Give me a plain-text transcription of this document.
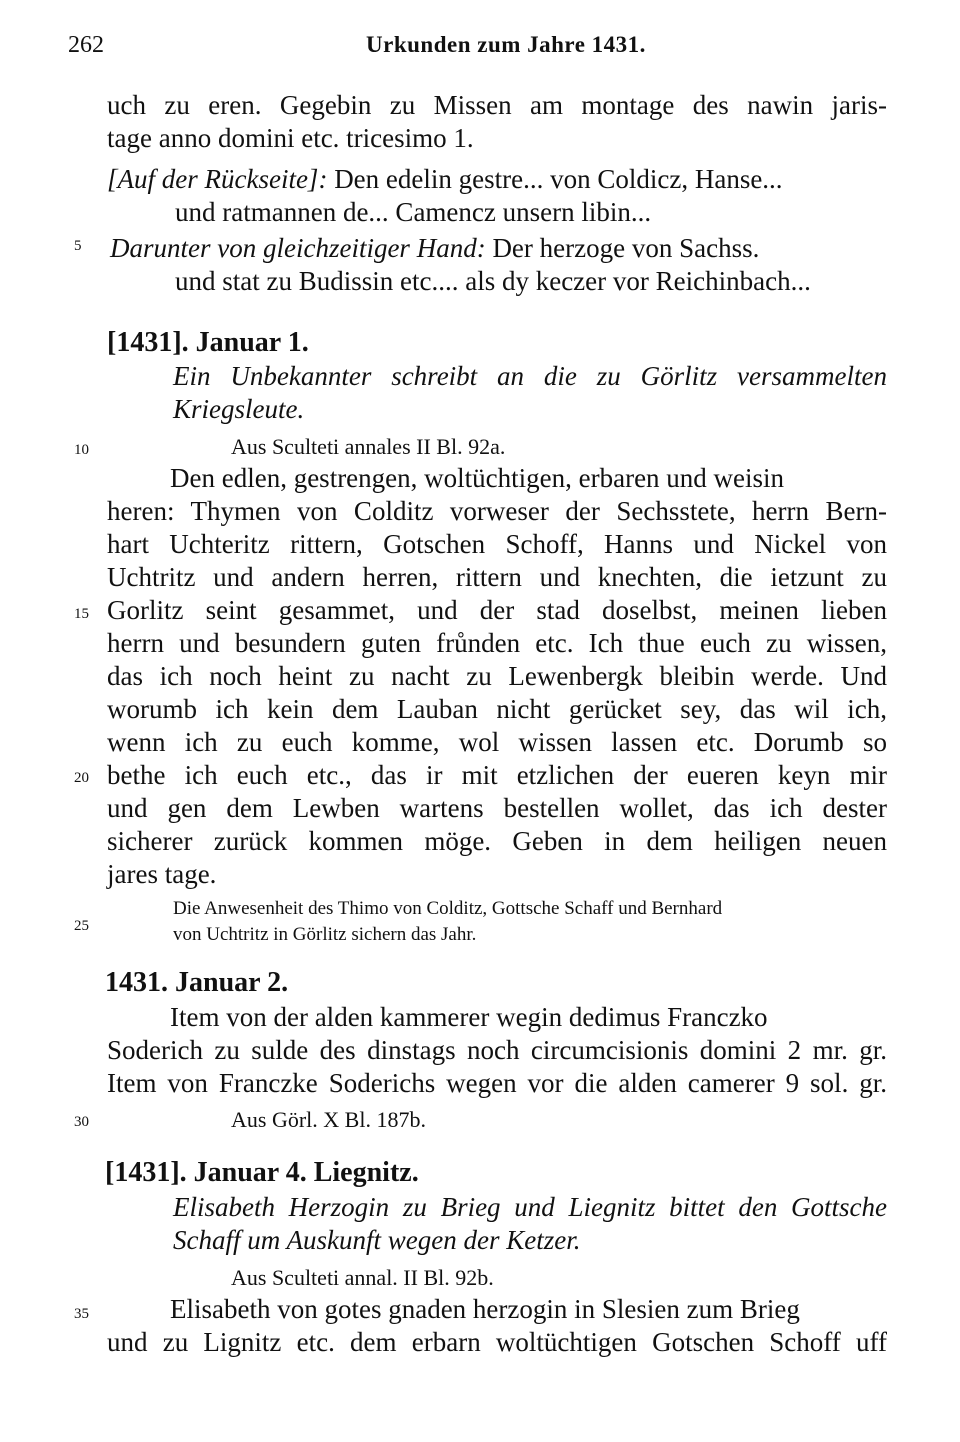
262	Urkunden zum Jahre 1431.
5
10
15
20
25
30
35
uch zu eren. Gegebin zu Missen am montage des nawin jaris-
tage anno domini etc. tricesimo 1.
[Auf der Rückseite]: Den edelin gestre... von Coldicz, Hanse...
und ratmannen de... Camencz unsern libin...
Darunter von gleichzeitiger Hand: Der herzoge von Sachss.
und stat zu Budissin etc.... als dy keczer vor Reichinbach...
[1431]. Januar 1.
Ein Unbekannter schreibt an die zu Görlitz versammelten
Kriegsleute.
Aus Sculteti annales II Bl. 92a.
Den edlen, gestrengen, woltüchtigen, erbaren und weisin
heren: Thymen von Colditz vorweser der Sechsstete, herrn Bern-
hart Uchteritz rittern, Gotschen Schoff, Hanns und Nickel von
Uchtritz und andern herren, rittern und knechten, die ietzunt zu
Gorlitz seint gesammet, und der stad doselbst, meinen lieben
herrn und besundern guten frůnden etc. Ich thue euch zu wissen,
das ich noch heint zu nacht zu Lewenbergk bleibin werde. Und
worumb ich kein dem Lauban nicht gerücket sey, das wil ich,
wenn ich zu euch komme, wol wissen lassen etc. Dorumb so
bethe ich euch etc., das ir mit etzlichen der eueren keyn mir
und gen dem Lewben wartens bestellen wollet, das ich dester
sicherer zurück kommen möge. Geben in dem heiligen neuen
jares tage.
Die Anwesenheit des Thimo von Colditz, Gottsche Schaff und Bernhard
von Uchtritz in Görlitz sichern das Jahr.
1431. Januar 2.
Item von der alden kammerer wegin dedimus Franczko
Soderich zu sulde des dinstags noch circumcisionis domini 2 mr. gr.
Item von Franczke Soderichs wegen vor die alden camerer 9 sol. gr.
Aus Görl. X Bl. 187b.
[1431]. Januar 4. Liegnitz.
Elisabeth Herzogin zu Brieg und Liegnitz bittet den Gottsche
Schaff um Auskunft wegen der Ketzer.
Aus Sculteti annal. II Bl. 92b.
Elisabeth von gotes gnaden herzogin in Slesien zum Brieg
und zu Lignitz etc. dem erbarn woltüchtigen Gotschen Schoff uff
